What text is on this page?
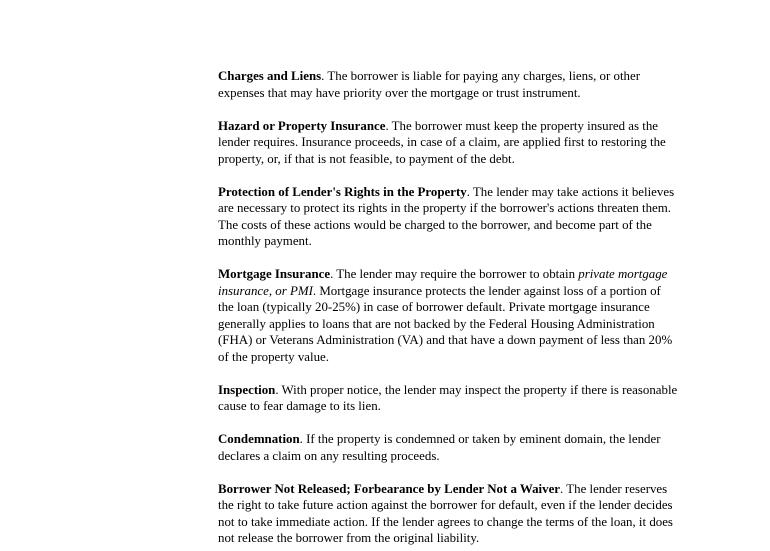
Charges and Liens. The borrower is liable for paying any charges, liens, or other expenses that may have priority over the mortgage or trust instrument.

Hazard or Property Insurance. The borrower must keep the property insured as the lender requires. Insurance proceeds, in case of a claim, are applied first to restoring the property, or, if that is not feasible, to payment of the debt.

Protection of Lender's Rights in the Property. The lender may take actions it believes are necessary to protect its rights in the property if the borrower's actions threaten them. The costs of these actions would be charged to the borrower, and become part of the monthly payment.

Mortgage Insurance. The lender may require the borrower to obtain private mortgage insurance, or PMI. Mortgage insurance protects the lender against loss of a portion of the loan (typically 20-25%) in case of borrower default. Private mortgage insurance generally applies to loans that are not backed by the Federal Housing Administration (FHA) or Veterans Administration (VA) and that have a down payment of less than 20% of the property value.

Inspection. With proper notice, the lender may inspect the property if there is reasonable cause to fear damage to its lien.

Condemnation. If the property is condemned or taken by eminent domain, the lender declares a claim on any resulting proceeds.

Borrower Not Released; Forbearance by Lender Not a Waiver. The lender reserves the right to take future action against the borrower for default, even if the lender decides not to take immediate action. If the lender agrees to change the terms of the loan, it does not release the borrower from the original liability.
